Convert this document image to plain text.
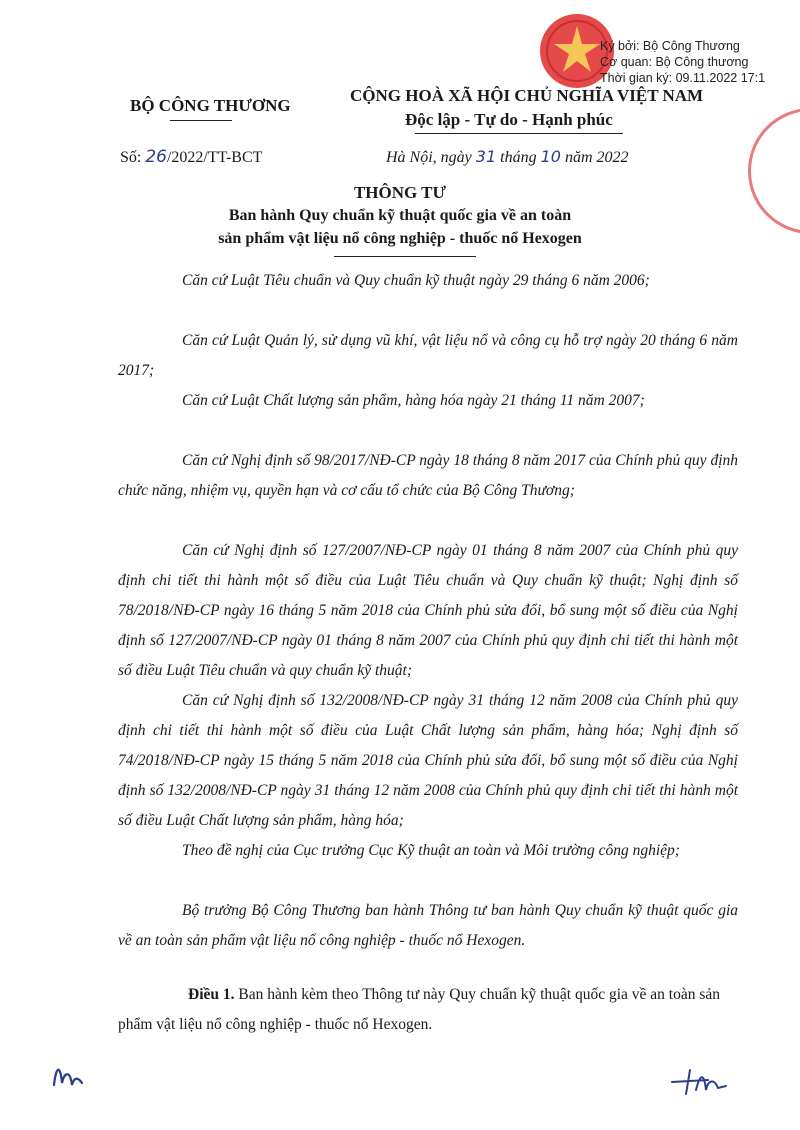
Ký bởi: Bộ Công Thương
Cơ quan: Bộ Công thương
Thời gian ký: 09.11.2022 17:1
BỘ CÔNG THƯƠNG
CỘNG HOÀ XÃ HỘI CHỦ NGHĨA VIỆT NAM
Độc lập - Tự do - Hạnh phúc
Số: 26/2022/TT-BCT	Hà Nội, ngày 31 tháng 10 năm 2022
THÔNG TƯ
Ban hành Quy chuẩn kỹ thuật quốc gia về an toàn
sản phẩm vật liệu nổ công nghiệp - thuốc nổ Hexogen
Căn cứ Luật Tiêu chuẩn và Quy chuẩn kỹ thuật ngày 29 tháng 6 năm 2006;
Căn cứ Luật Quản lý, sử dụng vũ khí, vật liệu nổ và công cụ hỗ trợ ngày 20 tháng 6 năm 2017;
Căn cứ Luật Chất lượng sản phẩm, hàng hóa ngày 21 tháng 11 năm 2007;
Căn cứ Nghị định số 98/2017/NĐ-CP ngày 18 tháng 8 năm 2017 của Chính phủ quy định chức năng, nhiệm vụ, quyền hạn và cơ cấu tổ chức của Bộ Công Thương;
Căn cứ Nghị định số 127/2007/NĐ-CP ngày 01 tháng 8 năm 2007 của Chính phủ quy định chi tiết thi hành một số điều của Luật Tiêu chuẩn và Quy chuẩn kỹ thuật; Nghị định số 78/2018/NĐ-CP ngày 16 tháng 5 năm 2018 của Chính phủ sửa đổi, bổ sung một số điều của Nghị định số 127/2007/NĐ-CP ngày 01 tháng 8 năm 2007 của Chính phủ quy định chi tiết thi hành một số điều Luật Tiêu chuẩn và quy chuẩn kỹ thuật;
Căn cứ Nghị định số 132/2008/NĐ-CP ngày 31 tháng 12 năm 2008 của Chính phủ quy định chi tiết thi hành một số điều của Luật Chất lượng sản phẩm, hàng hóa; Nghị định số 74/2018/NĐ-CP ngày 15 tháng 5 năm 2018 của Chính phủ sửa đổi, bổ sung một số điều của Nghị định số 132/2008/NĐ-CP ngày 31 tháng 12 năm 2008 của Chính phủ quy định chi tiết thi hành một số điều Luật Chất lượng sản phẩm, hàng hóa;
Theo đề nghị của Cục trưởng Cục Kỹ thuật an toàn và Môi trường công nghiệp;
Bộ trưởng Bộ Công Thương ban hành Thông tư ban hành Quy chuẩn kỹ thuật quốc gia về an toàn sản phẩm vật liệu nổ công nghiệp - thuốc nổ Hexogen.
Điều 1. Ban hành kèm theo Thông tư này Quy chuẩn kỹ thuật quốc gia về an toàn sản phẩm vật liệu nổ công nghiệp - thuốc nổ Hexogen.
